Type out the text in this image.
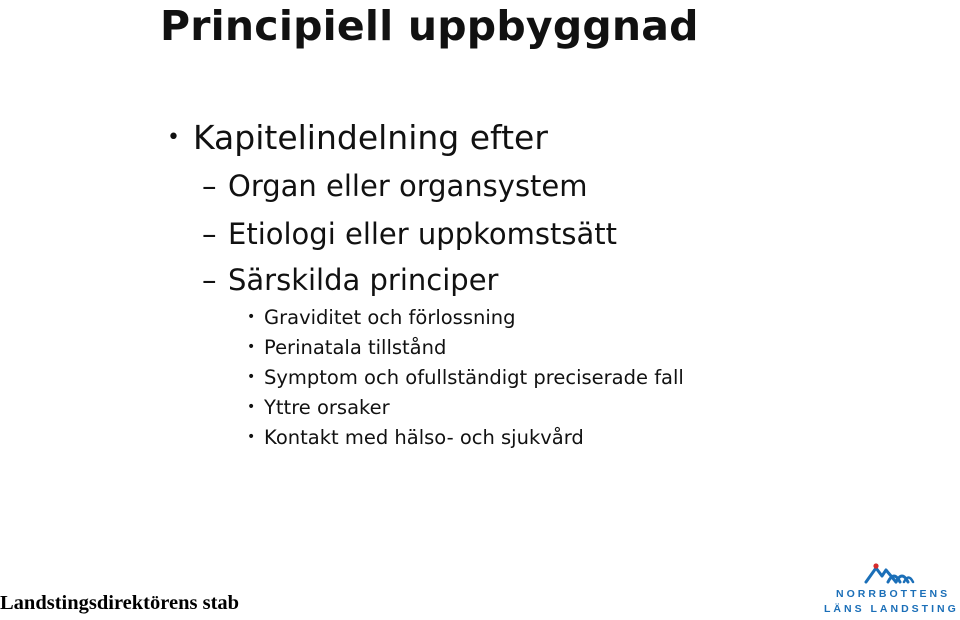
Principiell uppbyggnad
• Kapitelindelning efter
– Organ eller organsystem
– Etiologi eller uppkomstsätt
– Särskilda principer
• Graviditet och förlossning
• Perinatala tillstånd
• Symptom och ofullständigt preciserade fall
• Yttre orsaker
• Kontakt med hälso- och sjukvård
Landstingsdirektörens stab	NORRBOTTENS
LÄNS LANDSTING
